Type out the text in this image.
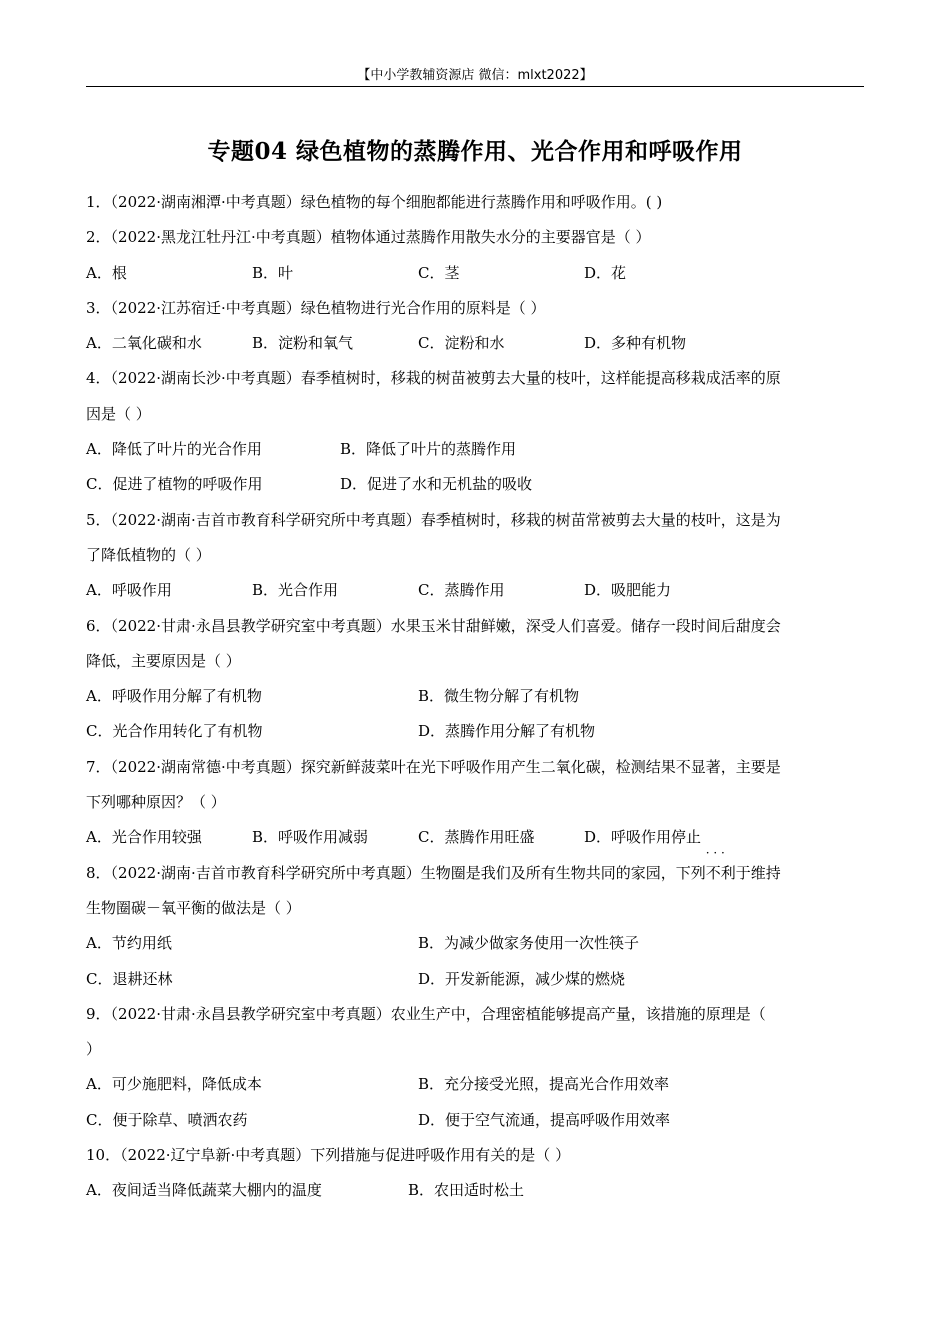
【中小学教辅资源店 微信：mlxt2022】
专题04 绿色植物的蒸腾作用、光合作用和呼吸作用
1．（2022·湖南湘潭·中考真题）绿色植物的每个细胞都能进行蒸腾作用和呼吸作用。( )
2．（2022·黑龙江牡丹江·中考真题）植物体通过蒸腾作用散失水分的主要器官是（ ）
A．根	B．叶	C．茎	D．花
3．（2022·江苏宿迁·中考真题）绿色植物进行光合作用的原料是（ ）
A．二氧化碳和水	B．淀粉和氧气	C．淀粉和水	D．多种有机物
4．（2022·湖南长沙·中考真题）春季植树时，移栽的树苗被剪去大量的枝叶，这样能提高移栽成活率的原
因是（ ）
A．降低了叶片的光合作用	B．降低了叶片的蒸腾作用
C．促进了植物的呼吸作用	D．促进了水和无机盐的吸收
5．（2022·湖南·吉首市教育科学研究所中考真题）春季植树时，移栽的树苗常被剪去大量的枝叶，这是为
了降低植物的（ ）
A．呼吸作用	B．光合作用	C．蒸腾作用	D．吸肥能力
6．（2022·甘肃·永昌县教学研究室中考真题）水果玉米甘甜鲜嫩，深受人们喜爱。储存一段时间后甜度会
降低，主要原因是（ ）
A．呼吸作用分解了有机物	B．微生物分解了有机物
C．光合作用转化了有机物	D．蒸腾作用分解了有机物
7．（2022·湖南常德·中考真题）探究新鲜菠菜叶在光下呼吸作用产生二氧化碳，检测结果不显著，主要是
下列哪种原因？（ ）
A．光合作用较强	B．呼吸作用减弱	C．蒸腾作用旺盛	D．呼吸作用停止
8．（2022·湖南·吉首市教育科学研究所中考真题）生物圈是我们及所有生物共同的家园，下列· · · 不利于维持
生物圈碳－氧平衡的做法是（ ）
A．节约用纸	B．为减少做家务使用一次性筷子
C．退耕还林	D．开发新能源，减少煤的燃烧
9．（2022·甘肃·永昌县教学研究室中考真题）农业生产中，合理密植能够提高产量，该措施的原理是（
）
A．可少施肥料，降低成本	B．充分接受光照，提高光合作用效率
C．便于除草、喷洒农药	D．便于空气流通，提高呼吸作用效率
10．（2022·辽宁阜新·中考真题）下列措施与促进呼吸作用有关的是（ ）
A．夜间适当降低蔬菜大棚内的温度	B．农田适时松土
